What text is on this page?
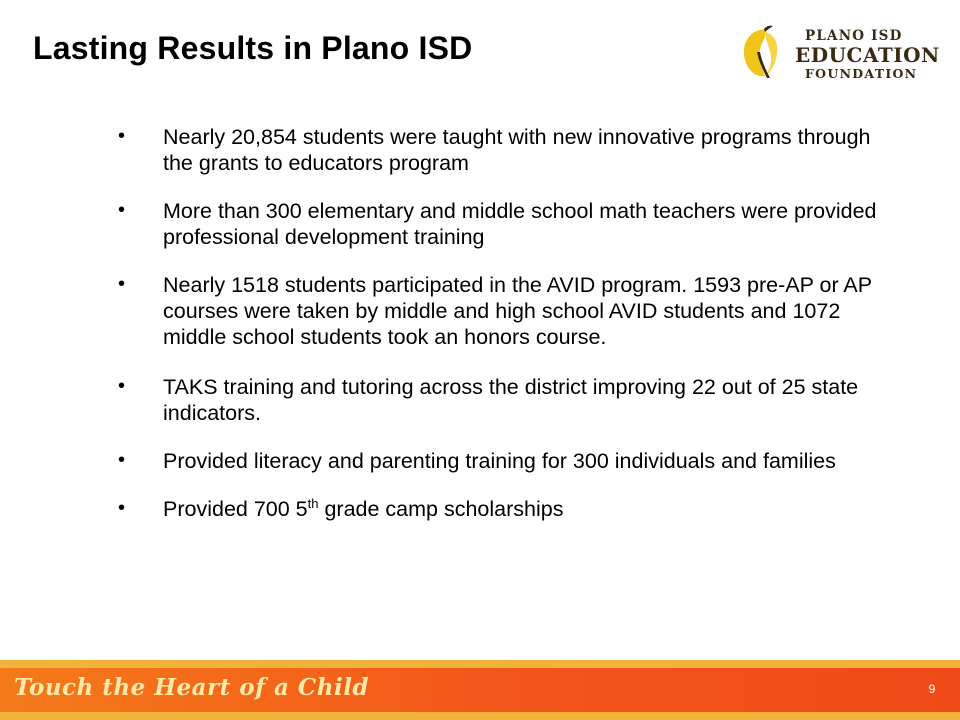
Lasting Results in Plano ISD	PLANO ISD
EDUCATION
FOUNDATION
• Nearly 20,854 students were taught with new innovative programs through the grants to educators program
• More than 300 elementary and middle school math teachers were provided professional development training
• Nearly 1518 students participated in the AVID program. 1593 pre-AP or AP courses were taken by middle and high school AVID students and 1072 middle school students took an honors course.
• TAKS training and tutoring across the district improving 22 out of 25 state indicators.
• Provided literacy and parenting training for 300 individuals and families
• Provided 700 5th grade camp scholarships
Touch the Heart of a Child	9
